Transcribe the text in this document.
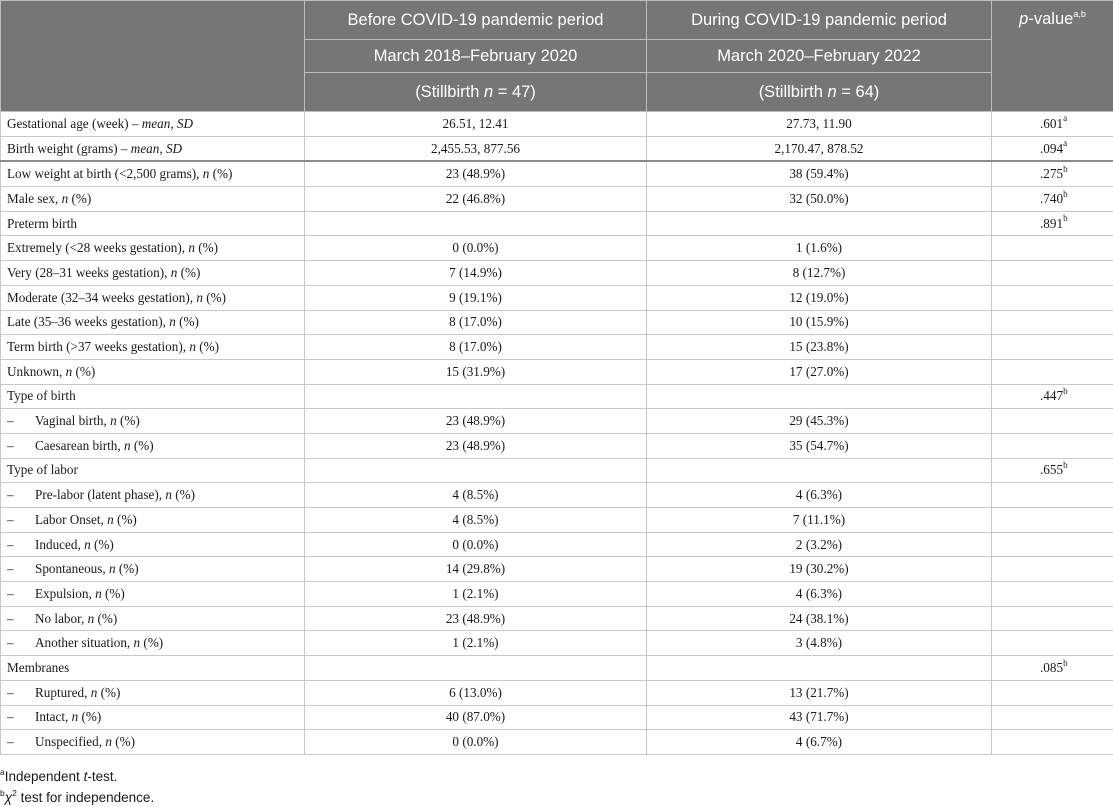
	Before COVID-19 pandemic period	During COVID-19 pandemic period	p-value$^{a,b}$
	March 2018–February 2020	March 2020–February 2022	
	(Stillbirth n = 47)	(Stillbirth n = 64)	
Gestational age (week) – mean, SD	26.51, 12.41	27.73, 11.90	.601$^a$
Birth weight (grams) – mean, SD	2,455.53, 877.56	2,170.47, 878.52	.094$^a$
Low weight at birth (<2,500 grams), n (%)	23 (48.9%)	38 (59.4%)	.275$^b$
Male sex, n (%)	22 (46.8%)	32 (50.0%)	.740$^b$
Preterm birth			.891$^b$
Extremely (<28 weeks gestation), n (%)	0 (0.0%)	1 (1.6%)	
Very (28–31 weeks gestation), n (%)	7 (14.9%)	8 (12.7%)	
Moderate (32–34 weeks gestation), n (%)	9 (19.1%)	12 (19.0%)	
Late (35–36 weeks gestation), n (%)	8 (17.0%)	10 (15.9%)	
Term birth (>37 weeks gestation), n (%)	8 (17.0%)	15 (23.8%)	
Unknown, n (%)	15 (31.9%)	17 (27.0%)	
Type of birth			.447$^b$
– Vaginal birth, n (%)	23 (48.9%)	29 (45.3%)	
– Caesarean birth, n (%)	23 (48.9%)	35 (54.7%)	
Type of labor			.655$^b$
– Pre-labor (latent phase), n (%)	4 (8.5%)	4 (6.3%)	
– Labor Onset, n (%)	4 (8.5%)	7 (11.1%)	
– Induced, n (%)	0 (0.0%)	2 (3.2%)	
– Spontaneous, n (%)	14 (29.8%)	19 (30.2%)	
– Expulsion, n (%)	1 (2.1%)	4 (6.3%)	
– No labor, n (%)	23 (48.9%)	24 (38.1%)	
– Another situation, n (%)	1 (2.1%)	3 (4.8%)	
Membranes			.085$^b$
– Ruptured, n (%)	6 (13.0%)	13 (21.7%)	
– Intact, n (%)	40 (87.0%)	43 (71.7%)	
– Unspecified, n (%)	0 (0.0%)	4 (6.7%)	
$^a$Independent t-test.
$^b\chi^2$ test for independence.
